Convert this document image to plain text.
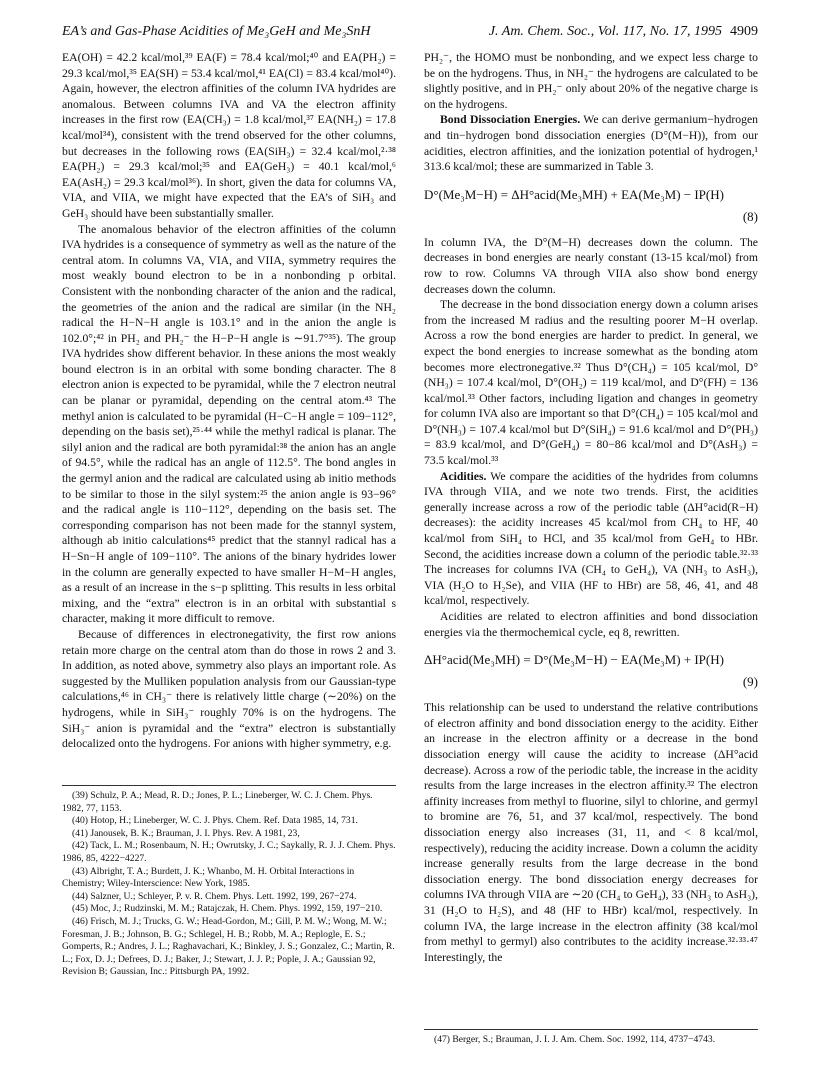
EA’s and Gas-Phase Acidities of Me₃GeH and Me₃SnH	J. Am. Chem. Soc., Vol. 117, No. 17, 1995 4909

EA(OH) = 42.2 kcal/mol,³⁹ EA(F) = 78.4 kcal/mol;⁴⁰ and EA(PH₂) = 29.3 kcal/mol,³⁵ EA(SH) = 53.4 kcal/mol,⁴¹ EA(Cl) = 83.4 kcal/mol⁴⁰). Again, however, the electron affinities of the column IVA hydrides are anomalous. Between columns IVA and VA the electron affinity increases in the first row (EA(CH₃) = 1.8 kcal/mol,³⁷ EA(NH₂) = 17.8 kcal/mol³⁴), consistent with the trend observed for the other columns, but decreases in the following rows (EA(SiH₃) = 32.4 kcal/mol,²·³⁸ EA(PH₂) = 29.3 kcal/mol;³⁵ and EA(GeH₃) = 40.1 kcal/mol,⁶ EA(AsH₂) = 29.3 kcal/mol³⁶). In short, given the data for columns VA, VIA, and VIIA, we might have expected that the EA’s of SiH₃ and GeH₃ should have been substantially smaller.

The anomalous behavior of the electron affinities of the column IVA hydrides is a consequence of symmetry as well as the nature of the central atom. In columns VA, VIA, and VIIA, symmetry requires the most weakly bound electron to be in a nonbonding p orbital. Consistent with the nonbonding character of the anion and the radical, the geometries of the anion and the radical are similar (in the NH₂ radical the H−N−H angle is 103.1° and in the anion the angle is 102.0°;⁴² in PH₂ and PH₂⁻ the H−P−H angle is ∼91.7°³⁵). The group IVA hydrides show different behavior. In these anions the most weakly bound electron is in an orbital with some bonding character. The 8 electron anion is expected to be pyramidal, while the 7 electron neutral can be planar or pyramidal, depending on the central atom.⁴³ The methyl anion is calculated to be pyramidal (H−C−H angle = 109−112°, depending on the basis set),²⁵·⁴⁴ while the methyl radical is planar. The silyl anion and the radical are both pyramidal:³⁸ the anion has an angle of 94.5°, while the radical has an angle of 112.5°. The bond angles in the germyl anion and the radical are calculated using ab initio methods to be similar to those in the silyl system:²⁵ the anion angle is 93−96° and the radical angle is 110−112°, depending on the basis set. The corresponding comparison has not been made for the stannyl system, although ab initio calculations⁴⁵ predict that the stannyl radical has a H−Sn−H angle of 109−110°. The anions of the binary hydrides lower in the column are generally expected to have smaller H−M−H angles, as a result of an increase in the s−p splitting. This results in less orbital mixing, and the “extra” electron is in an orbital with substantial s character, making it more difficult to remove.

Because of differences in electronegativity, the first row anions retain more charge on the central atom than do those in rows 2 and 3. In addition, as noted above, symmetry also plays an important role. As suggested by the Mulliken population analysis from our Gaussian-type calculations,⁴⁶ in CH₃⁻ there is relatively little charge (∼20%) on the hydrogens, while in SiH₃⁻ roughly 70% is on the hydrogens. The SiH₃⁻ anion is pyramidal and the “extra” electron is substantially delocalized onto the hydrogens. For anions with higher symmetry, e.g.

(39) Schulz, P. A.; Mead, R. D.; Jones, P. L.; Lineberger, W. C. J. Chem. Phys. 1982, 77, 1153.

(40) Hotop, H.; Lineberger, W. C. J. Phys. Chem. Ref. Data 1985, 14, 731.

(41) Janousek, B. K.; Brauman, J. I. Phys. Rev. A 1981, 23,

(42) Tack, L. M.; Rosenbaum, N. H.; Owrutsky, J. C.; Saykally, R. J. J. Chem. Phys. 1986, 85, 4222−4227.

(43) Albright, T. A.; Burdett, J. K.; Whanbo, M. H. Orbital Interactions in Chemistry; Wiley-Interscience: New York, 1985.

(44) Salzner, U.; Schleyer, P. v. R. Chem. Phys. Lett. 1992, 199, 267−274.

(45) Moc, J.; Rudzinski, M. M.; Ratajczak, H. Chem. Phys. 1992, 159, 197−210.

(46) Frisch, M. J.; Trucks, G. W.; Head-Gordon, M.; Gill, P. M. W.; Wong, M. W.; Foresman, J. B.; Johnson, B. G.; Schlegel, H. B.; Robb, M. A.; Replogle, E. S.; Gomperts, R.; Andres, J. L.; Raghavachari, K.; Binkley, J. S.; Gonzalez, C.; Martin, R. L.; Fox, D. J.; Defrees, D. J.; Baker, J.; Stewart, J. J. P.; Pople, J. A.; Gaussian 92, Revision B; Gaussian, Inc.: Pittsburgh PA, 1992.

PH₂⁻, the HOMO must be nonbonding, and we expect less charge to be on the hydrogens. Thus, in NH₂⁻ the hydrogens are calculated to be slightly positive, and in PH₂⁻ only about 20% of the negative charge is on the hydrogens.

Bond Dissociation Energies. We can derive germanium−hydrogen and tin−hydrogen bond dissociation energies (D°(M−H)), from our acidities, electron affinities, and the ionization potential of hydrogen,¹ 313.6 kcal/mol; these are summarized in Table 3.

D°(Me₃M−H) = ΔH°acid(Me₃MH) + EA(Me₃M) − IP(H)
(8)

In column IVA, the D°(M−H) decreases down the column. The decreases in bond energies are nearly constant (13-15 kcal/mol) from row to row. Columns VA through VIIA also show bond energy decreases down the column.

The decrease in the bond dissociation energy down a column arises from the increased M radius and the resulting poorer M−H overlap. Across a row the bond energies are harder to predict. In general, we expect the bond energies to increase somewhat as the bonding atom becomes more electronegative.³² Thus D°(CH₄) = 105 kcal/mol, D°(NH₃) = 107.4 kcal/mol, D°(OH₂) = 119 kcal/mol, and D°(FH) = 136 kcal/mol.³³ Other factors, including ligation and changes in geometry for column IVA also are important so that D°(CH₄) = 105 kcal/mol and D°(NH₃) = 107.4 kcal/mol but D°(SiH₄) = 91.6 kcal/mol and D°(PH₃) = 83.9 kcal/mol, and D°(GeH₄) = 80−86 kcal/mol and D°(AsH₃) = 73.5 kcal/mol.³³

Acidities. We compare the acidities of the hydrides from columns IVA through VIIA, and we note two trends. First, the acidities generally increase across a row of the periodic table (ΔH°acid(R−H) decreases): the acidity increases 45 kcal/mol from CH₄ to HF, 40 kcal/mol from SiH₄ to HCl, and 35 kcal/mol from GeH₄ to HBr. Second, the acidities increase down a column of the periodic table.³²·³³ The increases for columns IVA (CH₄ to GeH₄), VA (NH₃ to AsH₃), VIA (H₂O to H₂Se), and VIIA (HF to HBr) are 58, 46, 41, and 48 kcal/mol, respectively.

Acidities are related to electron affinities and bond dissociation energies via the thermochemical cycle, eq 8, rewritten.

ΔH°acid(Me₃MH) = D°(Me₃M−H) − EA(Me₃M) + IP(H)
(9)

This relationship can be used to understand the relative contributions of electron affinity and bond dissociation energy to the acidity. Either an increase in the electron affinity or a decrease in the bond dissociation energy will cause the acidity to increase (ΔH°acid decrease). Across a row of the periodic table, the increase in the acidity results from the large increases in the electron affinity.³² The electron affinity increases from methyl to fluorine, silyl to chlorine, and germyl to bromine are 76, 51, and 37 kcal/mol, respectively. The bond dissociation energy also increases (31, 11, and < 8 kcal/mol, respectively), reducing the acidity increase. Down a column the acidity increase generally results from the large decrease in the bond dissociation energy. The bond dissociation energy decreases for columns IVA through VIIA are ∼20 (CH₄ to GeH₄), 33 (NH₃ to AsH₃), 31 (H₂O to H₂S), and 48 (HF to HBr) kcal/mol, respectively. In column IVA, the large increase in the electron affinity (38 kcal/mol from methyl to germyl) also contributes to the acidity increase.³²·³³·⁴⁷ Interestingly, the

(47) Berger, S.; Brauman, J. I. J. Am. Chem. Soc. 1992, 114, 4737−4743.
